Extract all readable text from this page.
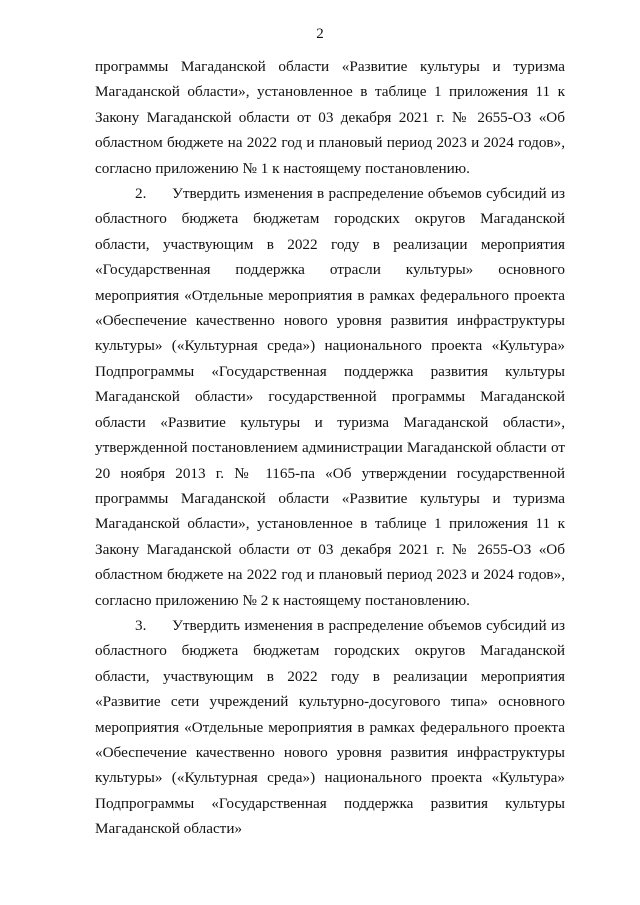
2

программы Магаданской области «Развитие культуры и туризма Магаданской области», установленное в таблице 1 приложения 11 к Закону Магаданской области от 03 декабря 2021 г. № 2655-ОЗ «Об областном бюджете на 2022 год и плановый период 2023 и 2024 годов», согласно приложению № 1 к настоящему постановлению.

2.      Утвердить изменения в распределение объемов субсидий из областного бюджета бюджетам городских округов Магаданской области, участвующим в 2022 году в реализации мероприятия «Государственная поддержка отрасли культуры» основного мероприятия «Отдельные мероприятия в рамках федерального проекта «Обеспечение качественно нового уровня развития инфраструктуры культуры» («Культурная среда») национального проекта «Культура» Подпрограммы «Государственная поддержка развития культуры Магаданской области» государственной программы Магаданской области «Развитие культуры и туризма Магаданской области», утвержденной постановлением администрации Магаданской области от 20 ноября 2013 г. № 1165-па «Об утверждении государственной программы Магаданской области «Развитие культуры и туризма Магаданской области», установленное в таблице 1 приложения 11 к Закону Магаданской области от 03 декабря 2021 г. № 2655-ОЗ «Об областном бюджете на 2022 год и плановый период 2023 и 2024 годов», согласно приложению № 2 к настоящему постановлению.

3.      Утвердить изменения в распределение объемов субсидий из областного бюджета бюджетам городских округов Магаданской области, участвующим в 2022 году в реализации мероприятия «Развитие сети учреждений культурно-досугового типа» основного мероприятия «Отдельные мероприятия в рамках федерального проекта «Обеспечение качественно нового уровня развития инфраструктуры культуры» («Культурная среда») национального проекта «Культура» Подпрограммы «Государственная поддержка развития культуры Магаданской области»
